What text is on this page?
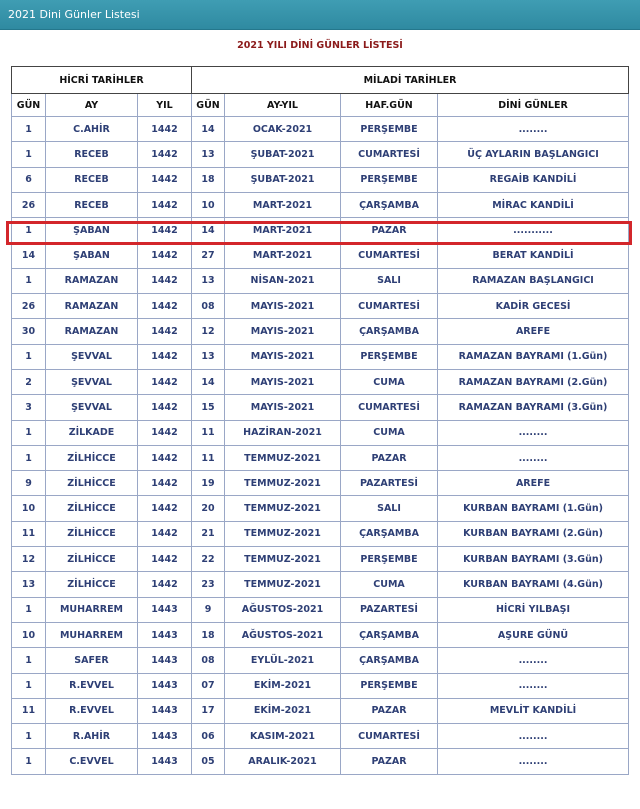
2021 Dini Günler Listesi
2021 YILI DİNİ GÜNLER LİSTESİ
HİCRİ TARİHLER			MİLADİ TARİHLER			
GÜN	AY	YIL	GÜN	AY-YIL	HAF.GÜN	DİNİ GÜNLER
1	C.AHİR	1442	14	OCAK-2021	PERŞEMBE	........
1	RECEB	1442	13	ŞUBAT-2021	CUMARTESİ	ÜÇ AYLARIN BAŞLANGICI
6	RECEB	1442	18	ŞUBAT-2021	PERŞEMBE	REGAİB KANDİLİ
26	RECEB	1442	10	MART-2021	ÇARŞAMBA	MİRAC KANDİLİ
1	ŞABAN	1442	14	MART-2021	PAZAR	...........
14	ŞABAN	1442	27	MART-2021	CUMARTESİ	BERAT KANDİLİ
1	RAMAZAN	1442	13	NİSAN-2021	SALI	RAMAZAN BAŞLANGICI
26	RAMAZAN	1442	08	MAYIS-2021	CUMARTESİ	KADİR GECESİ
30	RAMAZAN	1442	12	MAYIS-2021	ÇARŞAMBA	AREFE
1	ŞEVVAL	1442	13	MAYIS-2021	PERŞEMBE	RAMAZAN BAYRAMI (1.Gün)
2	ŞEVVAL	1442	14	MAYIS-2021	CUMA	RAMAZAN BAYRAMI (2.Gün)
3	ŞEVVAL	1442	15	MAYIS-2021	CUMARTESİ	RAMAZAN BAYRAMI (3.Gün)
1	ZİLKADE	1442	11	HAZİRAN-2021	CUMA	........
1	ZİLHİCCE	1442	11	TEMMUZ-2021	PAZAR	........
9	ZİLHİCCE	1442	19	TEMMUZ-2021	PAZARTESİ	AREFE
10	ZİLHİCCE	1442	20	TEMMUZ-2021	SALI	KURBAN BAYRAMI (1.Gün)
11	ZİLHİCCE	1442	21	TEMMUZ-2021	ÇARŞAMBA	KURBAN BAYRAMI (2.Gün)
12	ZİLHİCCE	1442	22	TEMMUZ-2021	PERŞEMBE	KURBAN BAYRAMI (3.Gün)
13	ZİLHİCCE	1442	23	TEMMUZ-2021	CUMA	KURBAN BAYRAMI (4.Gün)
1	MUHARREM	1443	9	AĞUSTOS-2021	PAZARTESİ	HİCRİ YILBAŞI
10	MUHARREM	1443	18	AĞUSTOS-2021	ÇARŞAMBA	AŞURE GÜNÜ
1	SAFER	1443	08	EYLÜL-2021	ÇARŞAMBA	........
1	R.EVVEL	1443	07	EKİM-2021	PERŞEMBE	........
11	R.EVVEL	1443	17	EKİM-2021	PAZAR	MEVLİT KANDİLİ
1	R.AHİR	1443	06	KASIM-2021	CUMARTESİ	........
1	C.EVVEL	1443	05	ARALIK-2021	PAZAR	........
